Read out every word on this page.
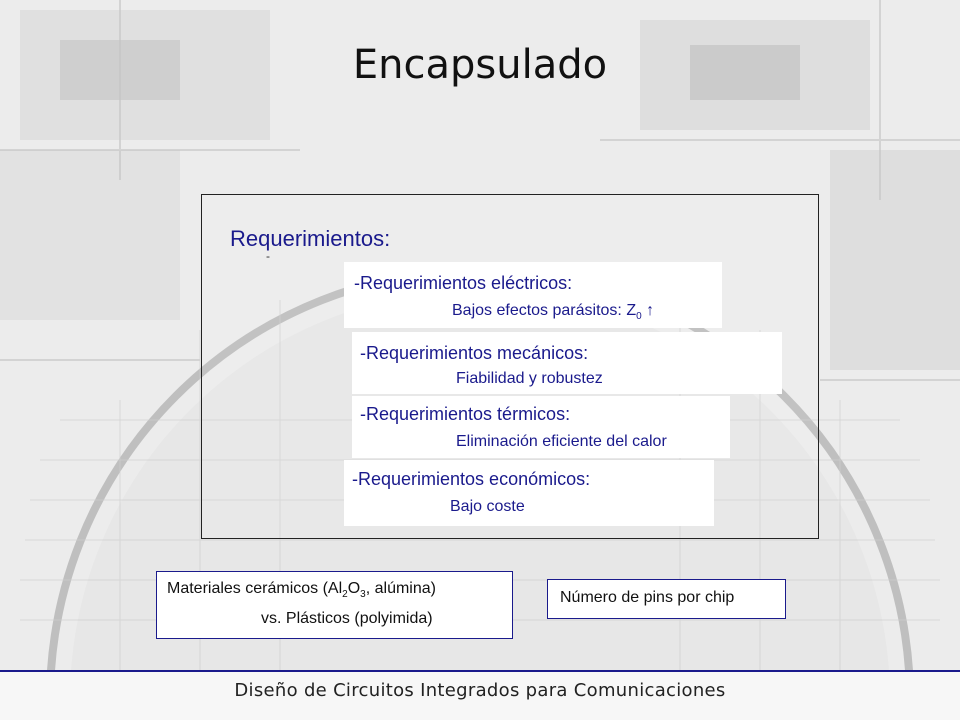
Encapsulado
Requerimientos:
-
-Requerimientos eléctricos:
Bajos efectos parásitos: $Z_0$ ↑
-Requerimientos mecánicos:
Fiabilidad y robustez
-Requerimientos térmicos:
Eliminación eficiente del calor
-Requerimientos económicos:
Bajo coste
Materiales cerámicos ($Al_2O_3$, alúmina)
vs. Plásticos (polyimida)
Número de pins por chip
Diseño de Circuitos Integrados para Comunicaciones
